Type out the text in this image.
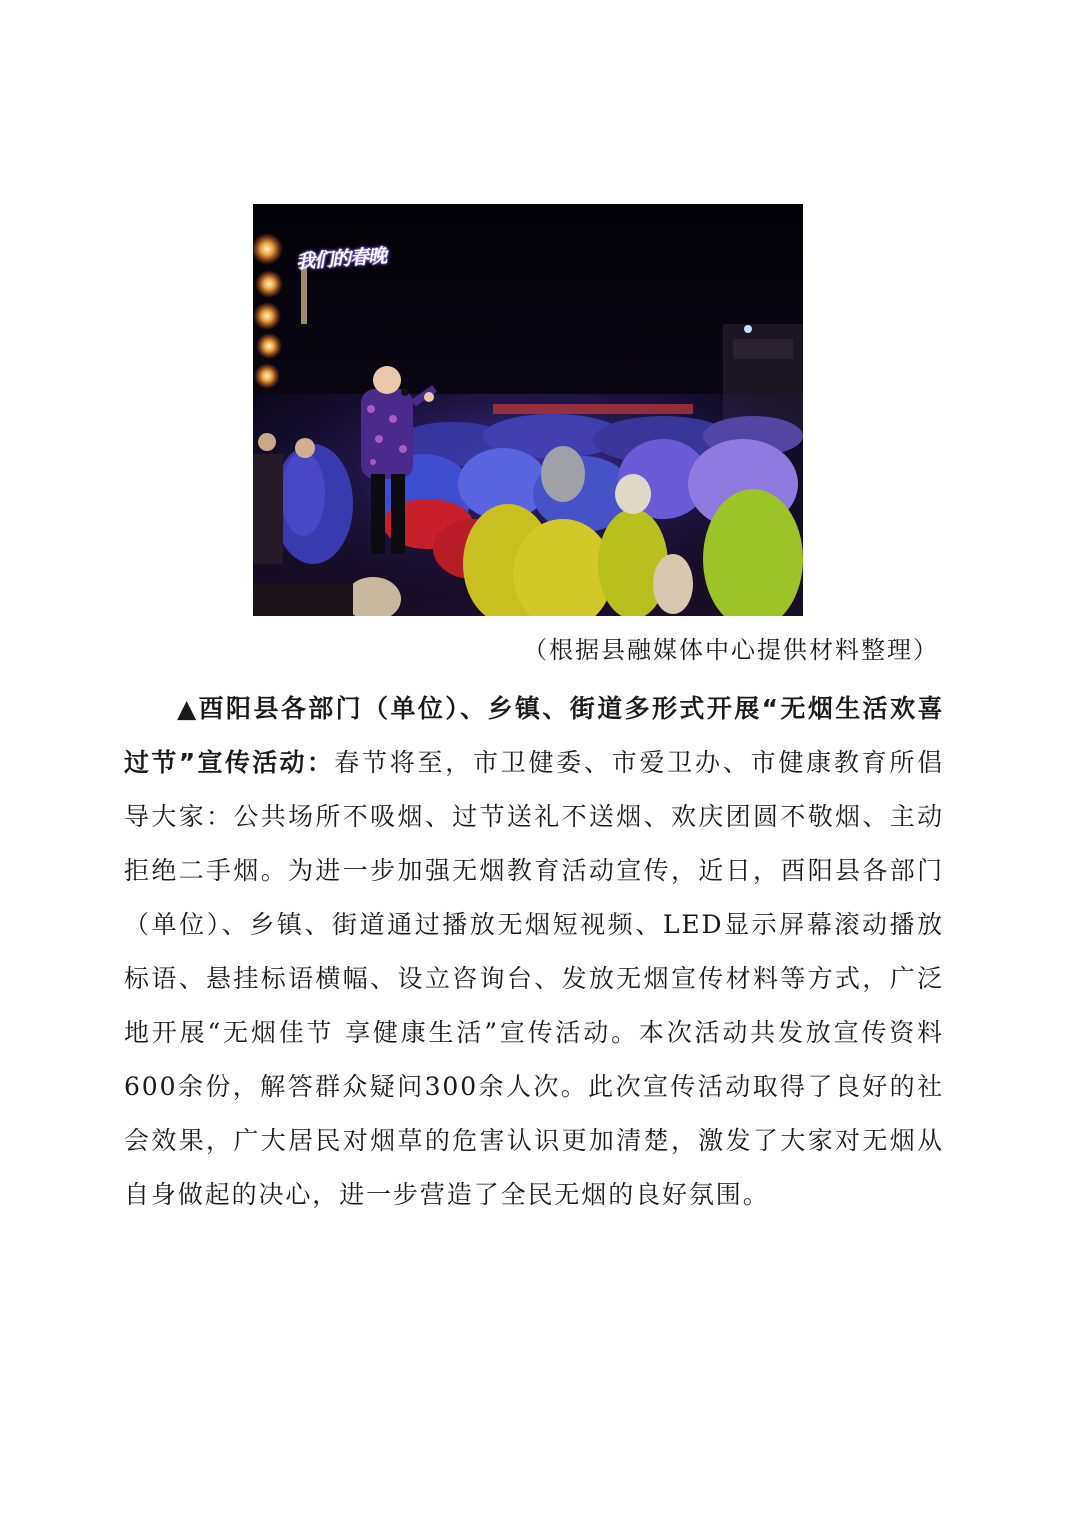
我们的春晚
（根据县融媒体中心提供材料整理）

▲酉阳县各部门（单位）、乡镇、街道多形式开展“无烟生活欢喜过节”宣传活动：春节将至，市卫健委、市爱卫办、市健康教育所倡导大家：公共场所不吸烟、过节送礼不送烟、欢庆团圆不敬烟、主动拒绝二手烟。为进一步加强无烟教育活动宣传，近日，酉阳县各部门（单位）、乡镇、街道通过播放无烟短视频、LED显示屏幕滚动播放标语、悬挂标语横幅、设立咨询台、发放无烟宣传材料等方式，广泛地开展“无烟佳节 享健康生活”宣传活动。本次活动共发放宣传资料600余份，解答群众疑问300余人次。此次宣传活动取得了良好的社会效果，广大居民对烟草的危害认识更加清楚，激发了大家对无烟从自身做起的决心，进一步营造了全民无烟的良好氛围。
